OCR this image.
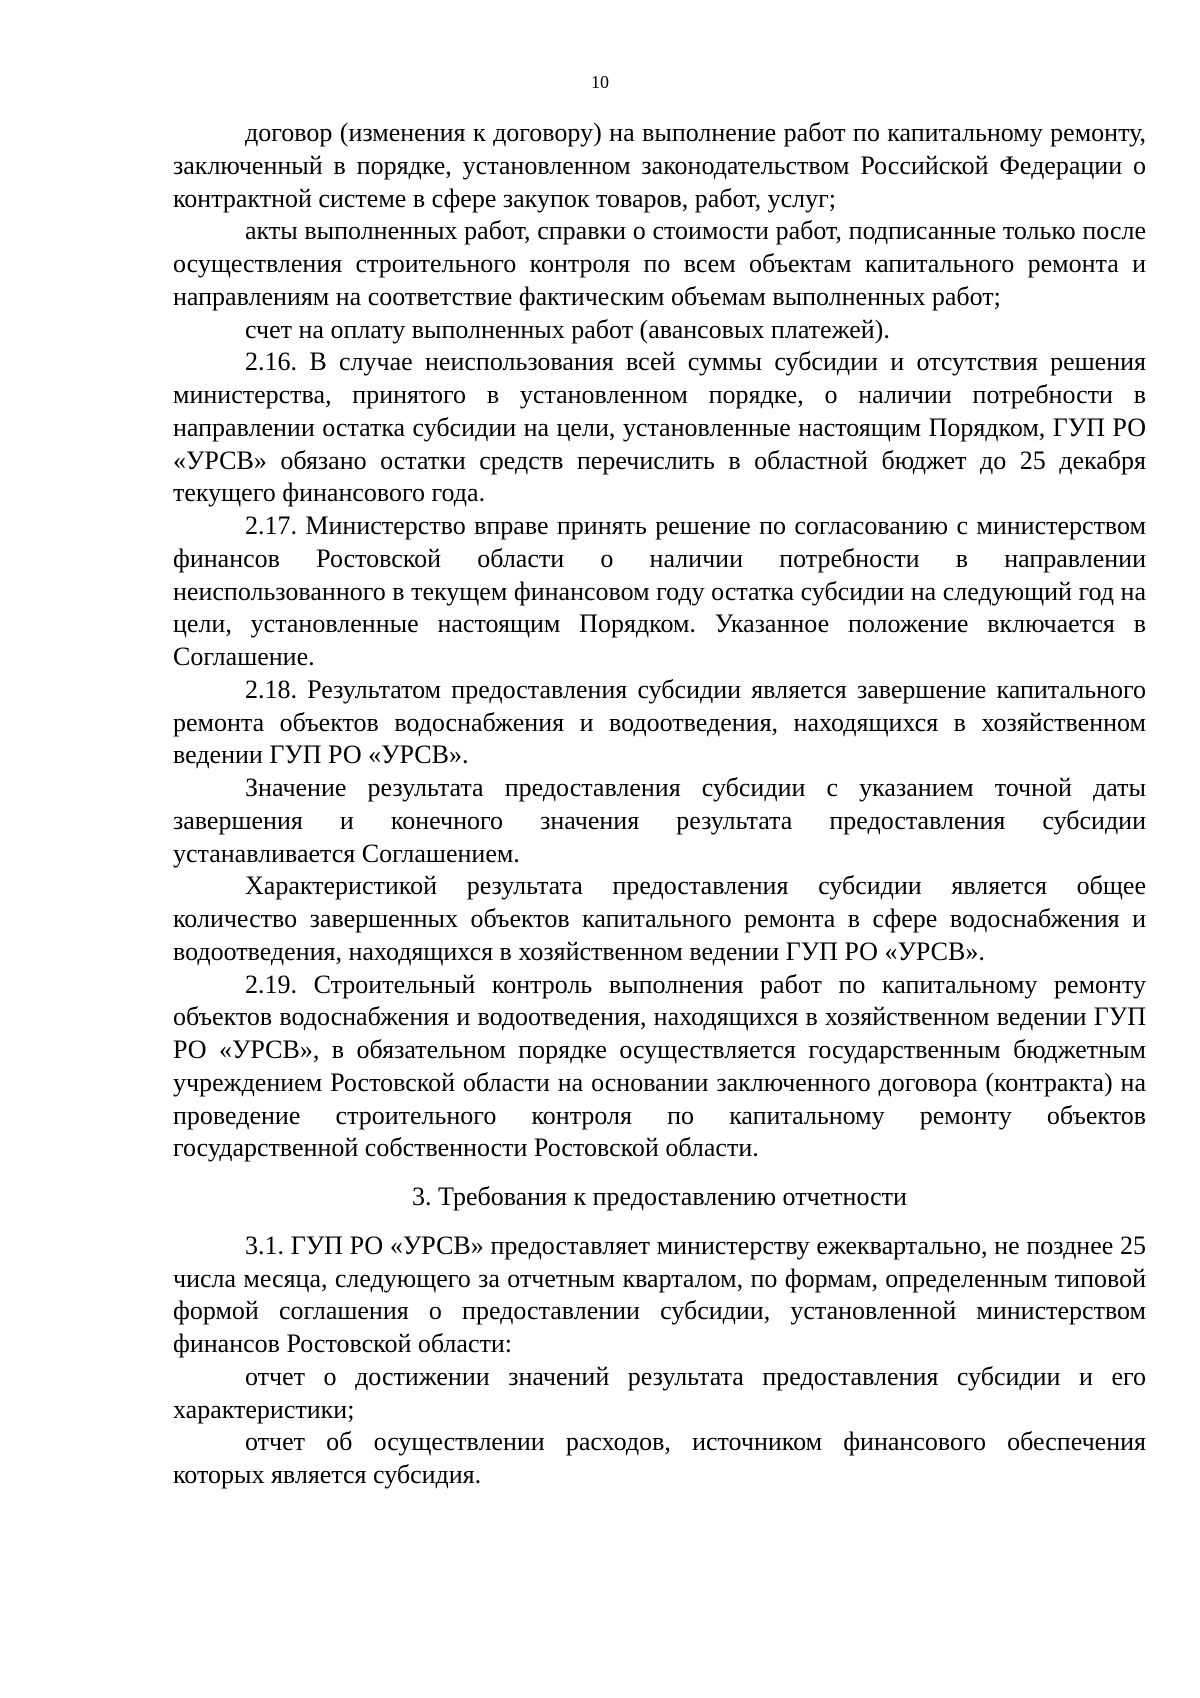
10

договор (изменения к договору) на выполнение работ по капитальному ремонту, заключенный в порядке, установленном законодательством Российской Федерации о контрактной системе в сфере закупок товаров, работ, услуг;

акты выполненных работ, справки о стоимости работ, подписанные только после осуществления строительного контроля по всем объектам капитального ремонта и направлениям на соответствие фактическим объемам выполненных работ;

счет на оплату выполненных работ (авансовых платежей).

2.16. В случае неиспользования всей суммы субсидии и отсутствия решения министерства, принятого в установленном порядке, о наличии потребности в направлении остатка субсидии на цели, установленные настоящим Порядком, ГУП РО «УРСВ» обязано остатки средств перечислить в областной бюджет до 25 декабря текущего финансового года.

2.17. Министерство вправе принять решение по согласованию с министерством финансов Ростовской области о наличии потребности в направлении неиспользованного в текущем финансовом году остатка субсидии на следующий год на цели, установленные настоящим Порядком. Указанное положение включается в Соглашение.

2.18. Результатом предоставления субсидии является завершение капитального ремонта объектов водоснабжения и водоотведения, находящихся в хозяйственном ведении ГУП РО «УРСВ».

Значение результата предоставления субсидии с указанием точной даты завершения и конечного значения результата предоставления субсидии устанавливается Соглашением.

Характеристикой результата предоставления субсидии является общее количество завершенных объектов капитального ремонта в сфере водоснабжения и водоотведения, находящихся в хозяйственном ведении ГУП РО «УРСВ».

2.19. Строительный контроль выполнения работ по капитальному ремонту объектов водоснабжения и водоотведения, находящихся в хозяйственном ведении ГУП РО «УРСВ», в обязательном порядке осуществляется государственным бюджетным учреждением Ростовской области на основании заключенного договора (контракта) на проведение строительного контроля по капитальному ремонту объектов государственной собственности Ростовской области.

3. Требования к предоставлению отчетности

3.1. ГУП РО «УРСВ» предоставляет министерству ежеквартально, не позднее 25 числа месяца, следующего за отчетным кварталом, по формам, определенным типовой формой соглашения о предоставлении субсидии, установленной министерством финансов Ростовской области:

отчет о достижении значений результата предоставления субсидии и его характеристики;

отчет об осуществлении расходов, источником финансового обеспечения которых является субсидия.
